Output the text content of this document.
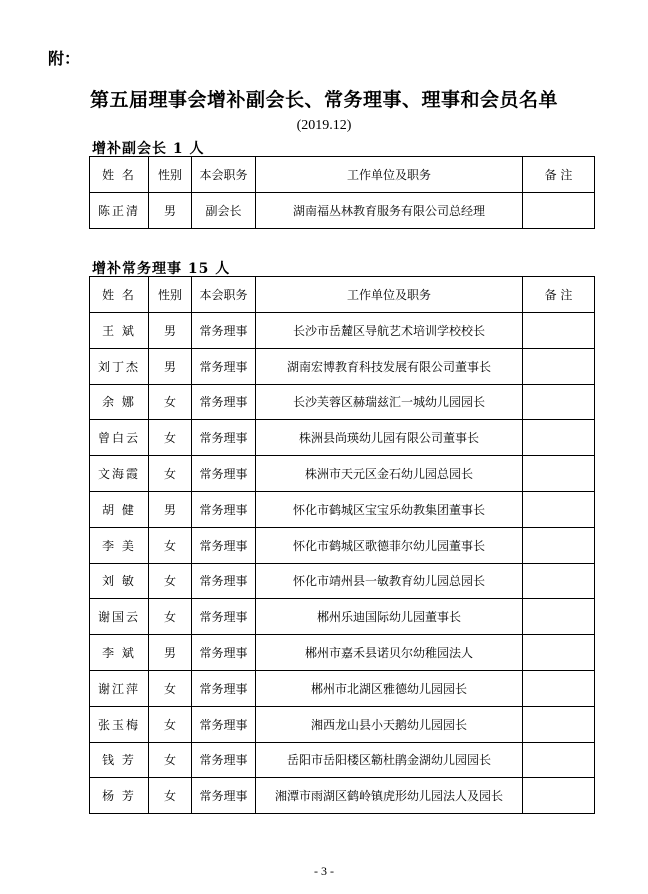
附：
第五届理事会增补副会长、常务理事、理事和会员名单
(2019.12)
增补副会长 1 人
姓 名	性别	本会职务	工作单位及职务	备 注
陈正清	男	副会长	湖南福丛林教育服务有限公司总经理	
增补常务理事 15 人
姓 名	性别	本会职务	工作单位及职务	备 注
王 斌	男	常务理事	长沙市岳麓区导航艺术培训学校校长	
刘丁杰	男	常务理事	湖南宏博教育科技发展有限公司董事长	
余 娜	女	常务理事	长沙芙蓉区赫瑞兹汇一城幼儿园园长	
曾白云	女	常务理事	株洲县尚瑛幼儿园有限公司董事长	
文海霞	女	常务理事	株洲市天元区金石幼儿园总园长	
胡 健	男	常务理事	怀化市鹤城区宝宝乐幼教集团董事长	
李 美	女	常务理事	怀化市鹤城区歌德菲尔幼儿园董事长	
刘 敏	女	常务理事	怀化市靖州县一敏教育幼儿园总园长	
谢国云	女	常务理事	郴州乐迪国际幼儿园董事长	
李 斌	男	常务理事	郴州市嘉禾县诺贝尔幼稚园法人	
谢江萍	女	常务理事	郴州市北湖区雅德幼儿园园长	
张玉梅	女	常务理事	湘西龙山县小天鹅幼儿园园长	
钱 芳	女	常务理事	岳阳市岳阳楼区簕杜鹃金湖幼儿园园长	
杨 芳	女	常务理事	湘潭市雨湖区鹤岭镇虎形幼儿园法人及园长	
- 3 -
